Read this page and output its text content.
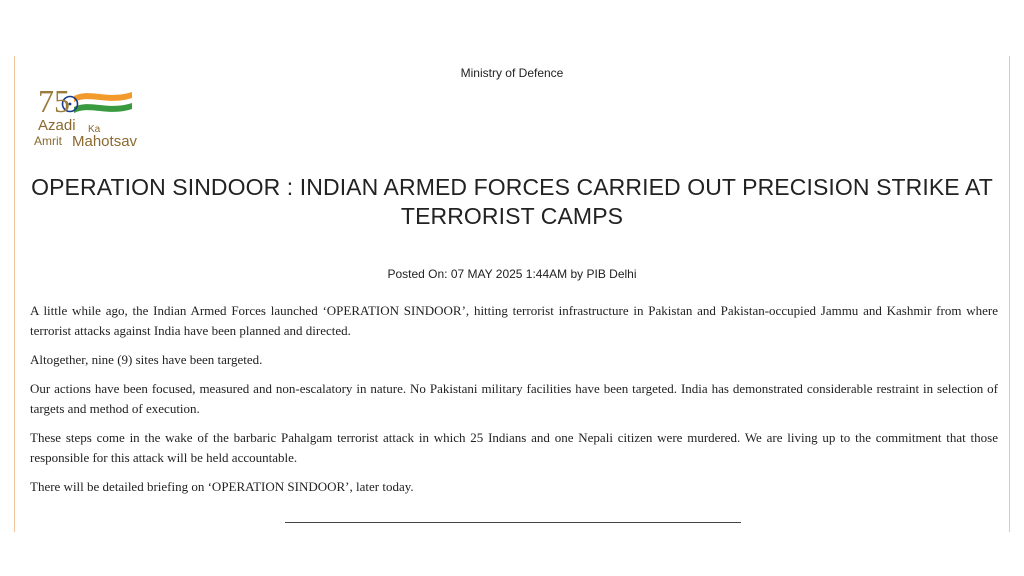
Ministry of Defence
75
Azadi Ka
Amrit Mahotsav
OPERATION SINDOOR : INDIAN ARMED FORCES CARRIED OUT PRECISION STRIKE AT TERRORIST CAMPS
Posted On: 07 MAY 2025 1:44AM by PIB Delhi

A little while ago, the Indian Armed Forces launched ‘OPERATION SINDOOR’, hitting terrorist infrastructure in Pakistan and Pakistan-occupied Jammu and Kashmir from where terrorist attacks against India have been planned and directed.

Altogether, nine (9) sites have been targeted.

Our actions have been focused, measured and non-escalatory in nature. No Pakistani military facilities have been targeted. India has demonstrated considerable restraint in selection of targets and method of execution.

These steps come in the wake of the barbaric Pahalgam terrorist attack in which 25 Indians and one Nepali citizen were murdered. We are living up to the commitment that those responsible for this attack will be held accountable.

There will be detailed briefing on ‘OPERATION SINDOOR’, later today.
